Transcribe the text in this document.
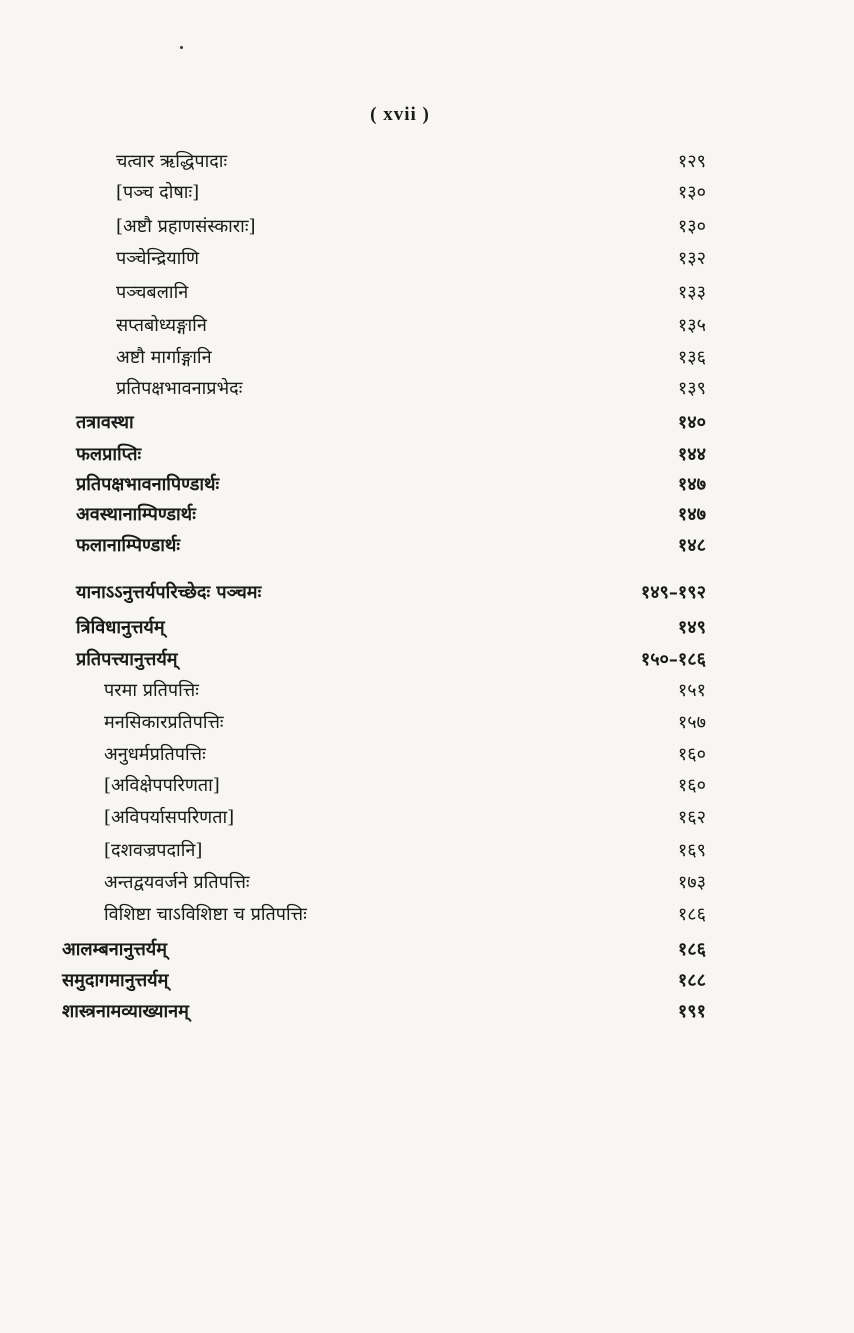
( xvii )
चत्वार ऋद्धिपादाः	१२९
[पञ्च दोषाः]	१३०
[अष्टौ प्रहाणसंस्काराः]	१३०
पञ्चेन्द्रियाणि	१३२
पञ्चबलानि	१३३
सप्तबोध्यङ्गानि	१३५
अष्टौ मार्गाङ्गानि	१३६
प्रतिपक्षभावनाप्रभेदः	१३९
तत्रावस्था	१४०
फलप्राप्तिः	१४४
प्रतिपक्षभावनापिण्डार्थः	१४७
अवस्थानाम्पिण्डार्थः	१४७
फलानाम्पिण्डार्थः	१४८
यानाऽऽनुत्तर्यपरिच्छेदः पञ्चमः	१४९–१९२
त्रिविधानुत्तर्यम्	१४९
प्रतिपत्त्यानुत्तर्यम्	१५०–१८६
परमा प्रतिपत्तिः	१५१
मनसिकारप्रतिपत्तिः	१५७
अनुधर्मप्रतिपत्तिः	१६०
[अविक्षेपपरिणता]	१६०
[अविपर्यासपरिणता]	१६२
[दशवज्रपदानि]	१६९
अन्तद्वयवर्जने प्रतिपत्तिः	१७३
विशिष्टा चाऽविशिष्टा च प्रतिपत्तिः	१८६
आलम्बनानुत्तर्यम्	१८६
समुदागमानुत्तर्यम्	१८८
शास्त्रनामव्याख्यानम्	१९१
